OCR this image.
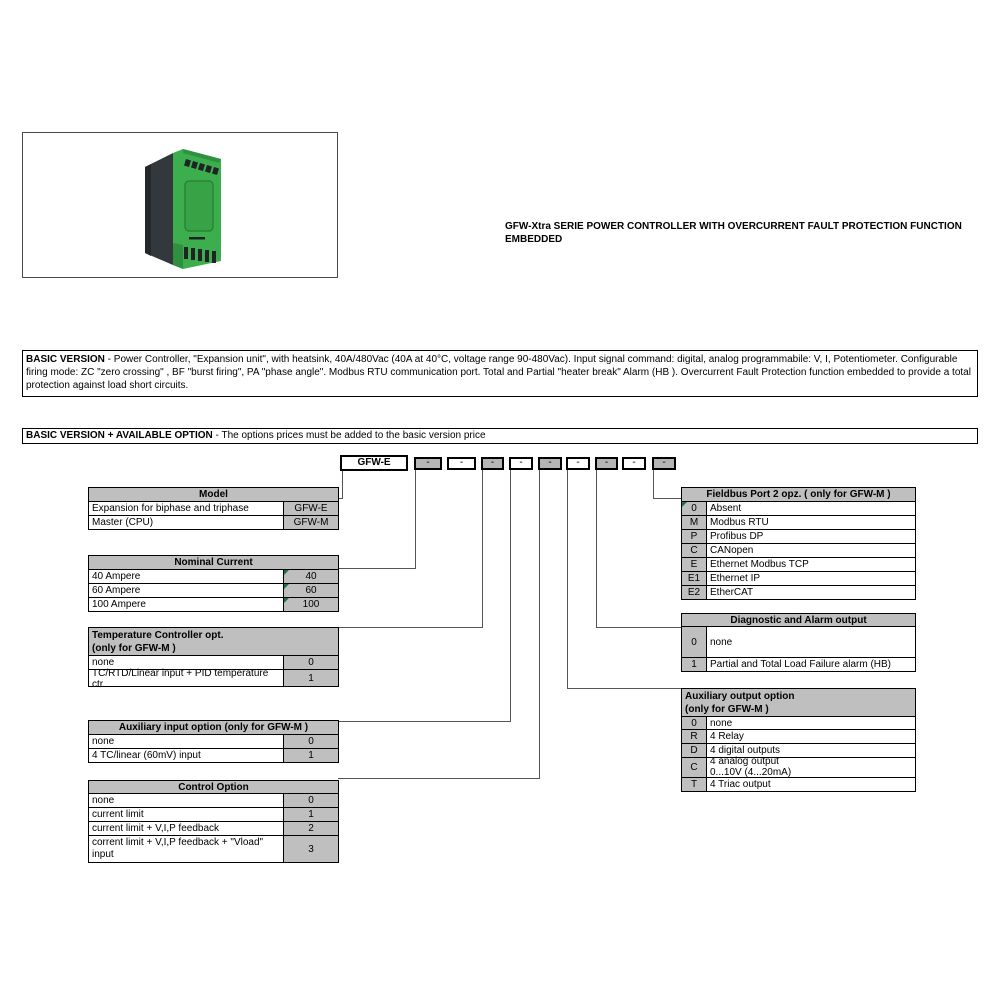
GFW-Xtra SERIE POWER CONTROLLER WITH OVERCURRENT FAULT PROTECTION FUNCTION
EMBEDDED
BASIC VERSION - Power Controller, "Expansion unit", with heatsink, 40A/480Vac (40A at 40°C, voltage range 90-480Vac). Input signal command: digital, analog programmabile: V, I, Potentiometer. Configurable firing mode: ZC "zero crossing" , BF "burst firing", PA "phase angle". Modbus RTU communication port. Total and Partial "heater break" Alarm (HB ). Overcurrent Fault Protection function embedded to provide a total protection against load short circuits.
BASIC VERSION + AVAILABLE OPTION - The options prices must be added to the basic version price
GFW-E	-	-	-	-	-	-	-	-	-
Model	
Expansion for biphase and triphase	GFW-E
Master (CPU)	GFW-M
Nominal Current	
40 Ampere	40
60 Ampere	60
100 Ampere	100
Temperature Controller opt.
(only for GFW-M )	

none	0

TC/RTD/Linear input + PID temperature
ctr.	1
Auxiliary input option (only for GFW-M )	
none	0
4 TC/linear (60mV) input	1
Control Option	
none	0
current limit	1
current limit + V,I,P feedback	2
corrent limit + V,I,P feedback + "Vload" input	3
Fieldbus Port 2 opz. ( only for GFW-M )	

0	Absent
M	Modbus RTU
P	Profibus DP
C	CANopen
E	Ethernet Modbus TCP
E1	Ethernet IP
E2	EtherCAT
Diagnostic and Alarm output	
0	none
1	Partial and Total Load Failure alarm (HB)
Auxiliary output option
(only for GFW-M )	

0	none
R	4 Relay
D	4 digital outputs
C	4 analog output
0...10V (4...20mA)

T	4 Triac output
